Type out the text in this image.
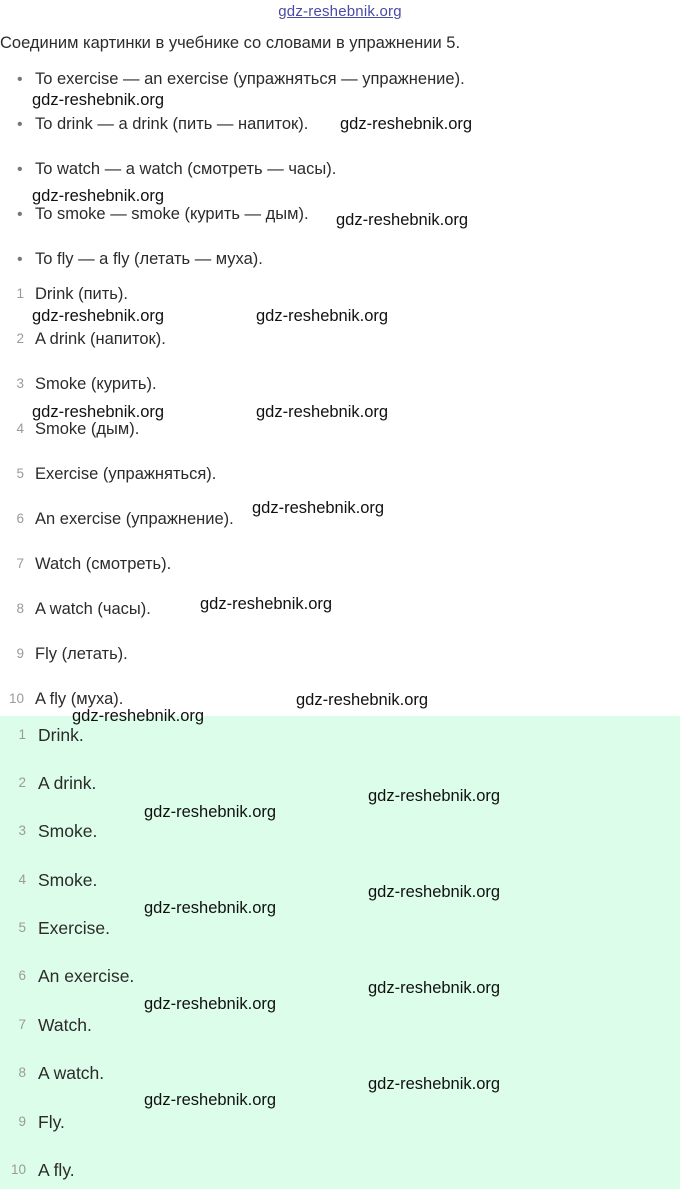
gdz-reshebnik.org
Соединим картинки в учебнике со словами в упражнении 5.
• To exercise — an exercise (упражняться — упражнение).
• To drink — a drink (пить — напиток).
• To watch — a watch (смотреть — часы).
• To smoke — smoke (курить — дым).
• To fly — a fly (летать — муха).
1 Drink (пить).
2 A drink (напиток).
3 Smoke (курить).
4 Smoke (дым).
5 Exercise (упражняться).
6 An exercise (упражнение).
7 Watch (смотреть).
8 A watch (часы).
9 Fly (летать).
10 A fly (муха).
1 Drink.
2 A drink.
3 Smoke.
4 Smoke.
5 Exercise.
6 An exercise.
7 Watch.
8 A watch.
9 Fly.
10 A fly.
gdz-reshebnik.org
gdz-reshebnik.org
gdz-reshebnik.org
gdz-reshebnik.org
gdz-reshebnik.org	gdz-reshebnik.org
gdz-reshebnik.org	gdz-reshebnik.org
gdz-reshebnik.org
gdz-reshebnik.org
gdz-reshebnik.org
gdz-reshebnik.org
gdz-reshebnik.org
gdz-reshebnik.org
gdz-reshebnik.org
gdz-reshebnik.org
gdz-reshebnik.org
gdz-reshebnik.org
gdz-reshebnik.org
gdz-reshebnik.org
